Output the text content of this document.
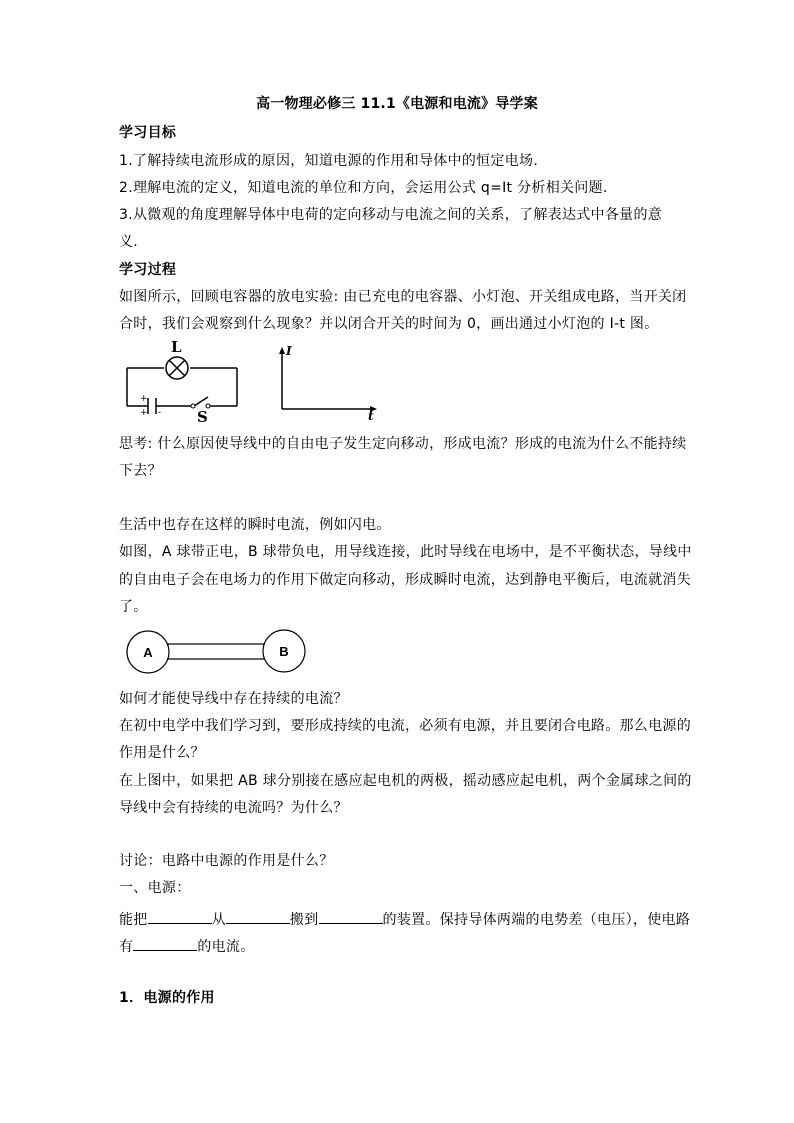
高一物理必修三 11.1《电源和电流》导学案
学习目标
1.了解持续电流形成的原因，知道电源的作用和导体中的恒定电场.
2.理解电流的定义，知道电流的单位和方向，会运用公式 q=It 分析相关问题.
3.从微观的角度理解导体中电荷的定向移动与电流之间的关系，了解表达式中各量的意
义.
学习过程
如图所示，回顾电容器的放电实验: 由已充电的电容器、小灯泡、开关组成电路，当开关闭
合时，我们会观察到什么现象？并以闭合开关的时间为 0，画出通过小灯泡的 I-t 图。
L
S
+
+ -
I
t
思考: 什么原因使导线中的自由电子发生定向移动，形成电流？形成的电流为什么不能持续
下去？
生活中也存在这样的瞬时电流，例如闪电。
如图，A 球带正电，B 球带负电，用导线连接，此时导线在电场中，是不平衡状态，导线中
的自由电子会在电场力的作用下做定向移动，形成瞬时电流，达到静电平衡后，电流就消失
了。
A	B
如何才能使导线中存在持续的电流？
在初中电学中我们学习到，要形成持续的电流，必须有电源，并且要闭合电路。那么电源的
作用是什么？
在上图中，如果把 AB 球分别接在感应起电机的两极，摇动感应起电机，两个金属球之间的
导线中会有持续的电流吗？为什么？
讨论：电路中电源的作用是什么？
一、电源：
能把	从	搬到	的装置。保持导体两端的电势差（电压），使电路
有	的电流。
1．电源的作用
